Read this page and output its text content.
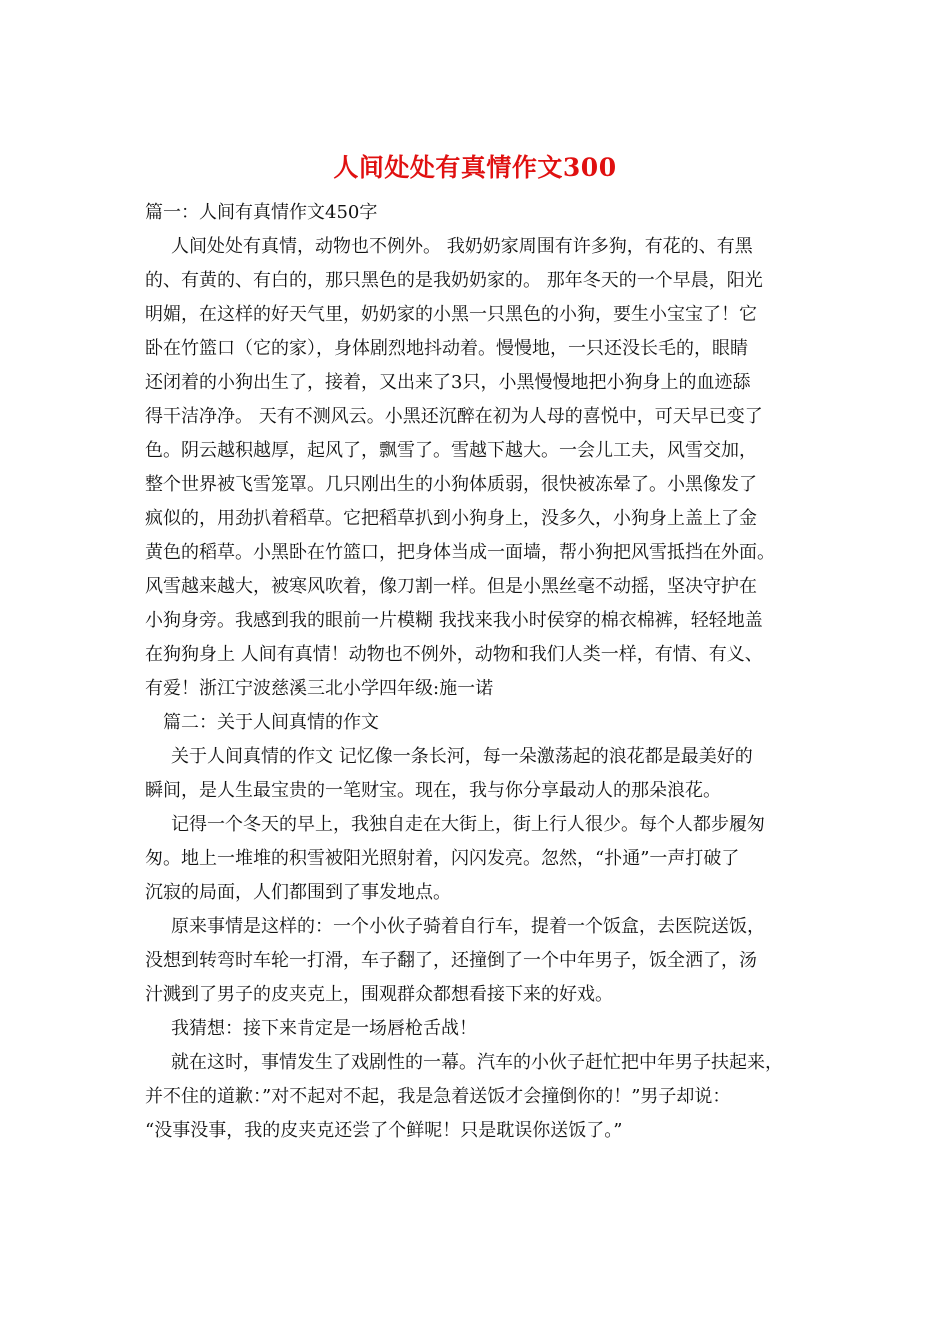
人间处处有真情作文300
篇一：人间有真情作文450字
人间处处有真情，动物也不例外。 我奶奶家周围有许多狗，有花的、有黑
的、有黄的、有白的，那只黑色的是我奶奶家的。 那年冬天的一个早晨，阳光
明媚，在这样的好天气里，奶奶家的小黑一只黑色的小狗，要生小宝宝了！它
卧在竹篮口（它的家），身体剧烈地抖动着。慢慢地，一只还没长毛的，眼睛
还闭着的小狗出生了，接着，又出来了3只，小黑慢慢地把小狗身上的血迹舔
得干洁净净。 天有不测风云。小黑还沉醉在初为人母的喜悦中，可天早已变了
色。阴云越积越厚，起风了，飘雪了。雪越下越大。一会儿工夫，风雪交加，
整个世界被飞雪笼罩。几只刚出生的小狗体质弱，很快被冻晕了。小黑像发了
疯似的，用劲扒着稻草。它把稻草扒到小狗身上，没多久，小狗身上盖上了金
黄色的稻草。小黑卧在竹篮口，把身体当成一面墙，帮小狗把风雪抵挡在外面。
风雪越来越大，被寒风吹着，像刀割一样。但是小黑丝毫不动摇，坚决守护在
小狗身旁。我感到我的眼前一片模糊 我找来我小时侯穿的棉衣棉裤，轻轻地盖
在狗狗身上 人间有真情！动物也不例外，动物和我们人类一样，有情、有义、
有爱！浙江宁波慈溪三北小学四年级:施一诺
篇二：关于人间真情的作文
关于人间真情的作文 记忆像一条长河，每一朵激荡起的浪花都是最美好的
瞬间，是人生最宝贵的一笔财宝。现在，我与你分享最动人的那朵浪花。
记得一个冬天的早上，我独自走在大街上，街上行人很少。每个人都步履匆
匆。地上一堆堆的积雪被阳光照射着，闪闪发亮。忽然，“扑通”一声打破了
沉寂的局面，人们都围到了事发地点。
原来事情是这样的：一个小伙子骑着自行车，提着一个饭盒，去医院送饭，
没想到转弯时车轮一打滑，车子翻了，还撞倒了一个中年男子，饭全洒了，汤
汁溅到了男子的皮夹克上，围观群众都想看接下来的好戏。
我猜想：接下来肯定是一场唇枪舌战！
就在这时，事情发生了戏剧性的一幕。汽车的小伙子赶忙把中年男子扶起来，
并不住的道歉：”对不起对不起，我是急着送饭才会撞倒你的！”男子却说：
“没事没事，我的皮夹克还尝了个鲜呢！只是耽误你送饭了。”
